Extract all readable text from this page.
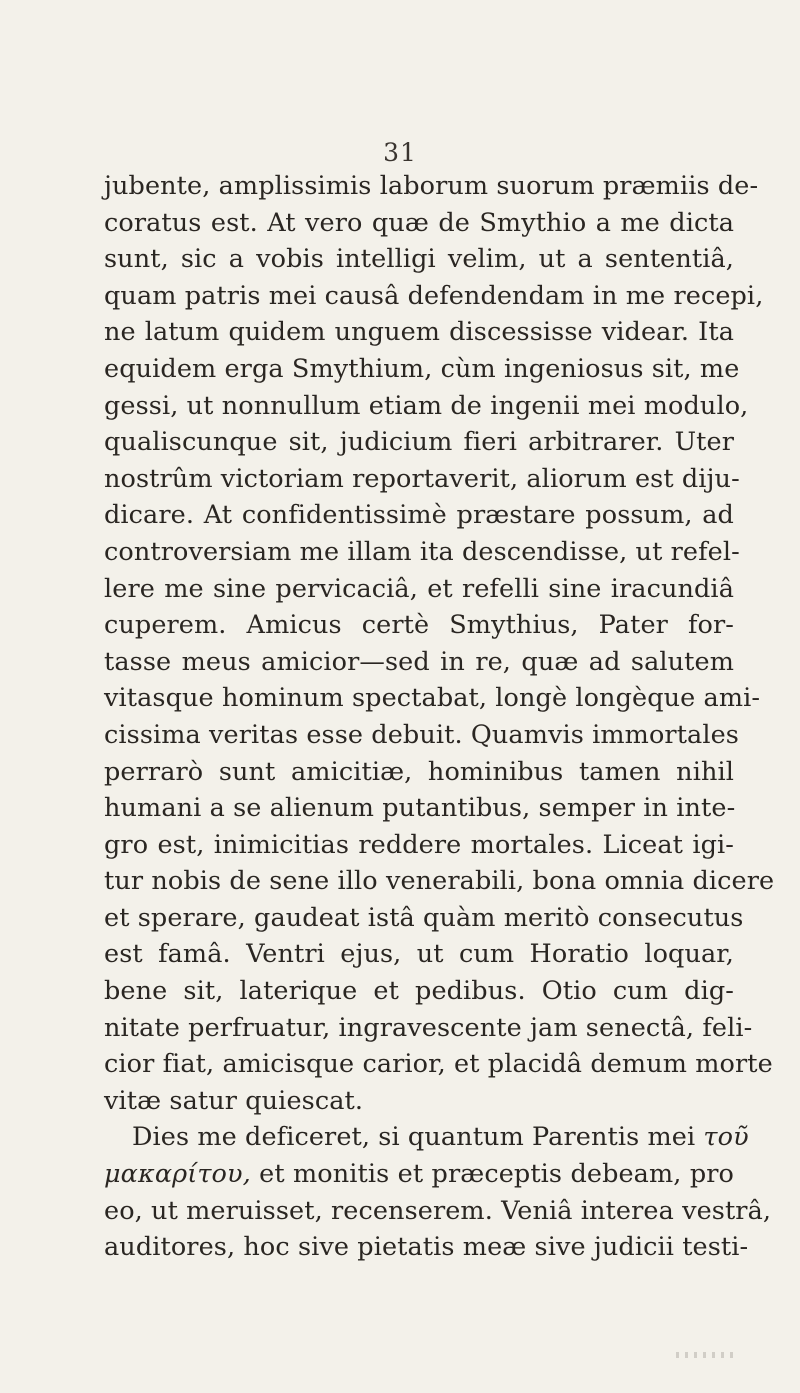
31
jubente, amplissimis laborum suorum præmiis de-
coratus est. At vero quæ de Smythio a me dicta
sunt, sic a vobis intelligi velim, ut a sententiâ,
quam patris mei causâ defendendam in me recepi,
ne latum quidem unguem discessisse videar. Ita
equidem erga Smythium, cùm ingeniosus sit, me
gessi, ut nonnullum etiam de ingenii mei modulo,
qualiscunque sit, judicium fieri arbitrarer. Uter
nostrûm victoriam reportaverit, aliorum est diju-
dicare. At confidentissimè præstare possum, ad
controversiam me illam ita descendisse, ut refel-
lere me sine pervicaciâ, et refelli sine iracundiâ
cuperem. Amicus certè Smythius, Pater for-
tasse meus amicior—sed in re, quæ ad salutem
vitasque hominum spectabat, longè longèque ami-
cissima veritas esse debuit. Quamvis immortales
perrarò sunt amicitiæ, hominibus tamen nihil
humani a se alienum putantibus, semper in inte-
gro est, inimicitias reddere mortales. Liceat igi-
tur nobis de sene illo venerabili, bona omnia dicere
et sperare, gaudeat istâ quàm meritò consecutus
est famâ. Ventri ejus, ut cum Horatio loquar,
bene sit, laterique et pedibus. Otio cum dig-
nitate perfruatur, ingravescente jam senectâ, feli-
cior fiat, amicisque carior, et placidâ demum morte
vitæ satur quiescat.
Dies me deficeret, si quantum Parentis mei τοῦ
μακαρίτου, et monitis et præceptis debeam, pro
eo, ut meruisset, recenserem. Veniâ interea vestrâ,
auditores, hoc sive pietatis meæ sive judicii testi-
